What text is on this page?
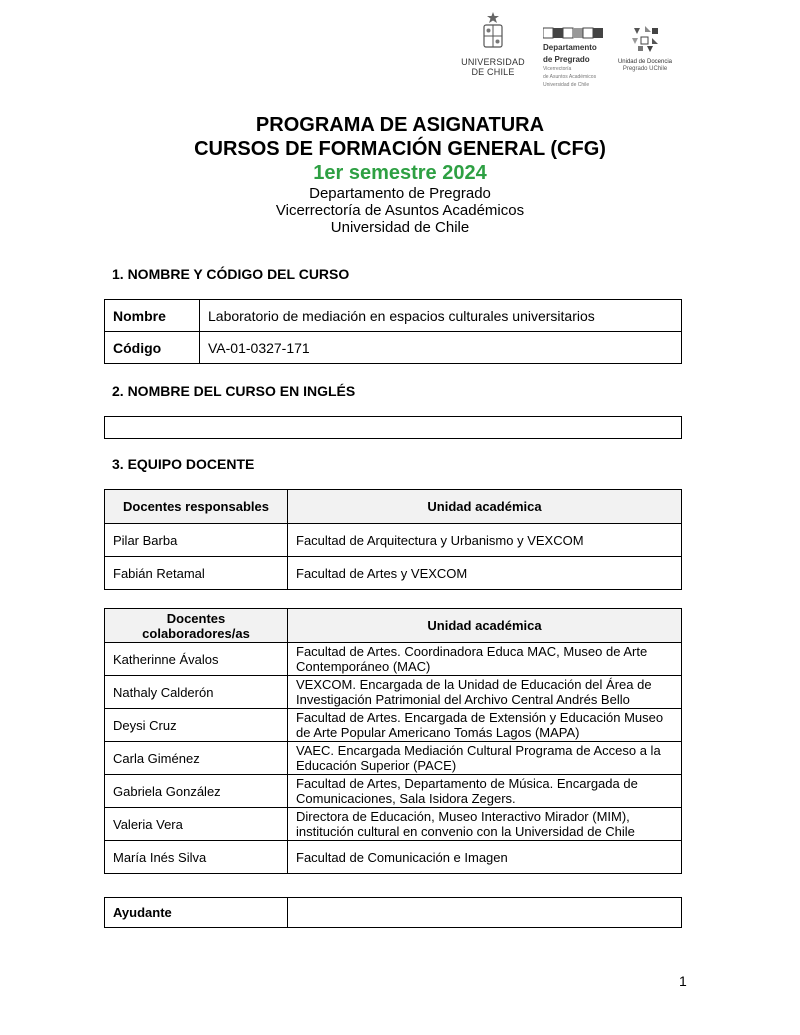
UNIVERSIDAD
DE CHILE
Departamento
de Pregrado
Vicerrectoría
de Asuntos Académicos
Universidad de Chile
Unidad de Docencia
Pregrado UChile
PROGRAMA DE ASIGNATURA
CURSOS DE FORMACIÓN GENERAL (CFG)
1er semestre 2024
Departamento de Pregrado
Vicerrectoría de Asuntos Académicos
Universidad de Chile
1. NOMBRE Y CÓDIGO DEL CURSO
Nombre	Laboratorio de mediación en espacios culturales universitarios
Código	VA-01-0327-171
2. NOMBRE DEL CURSO EN INGLÉS
3. EQUIPO DOCENTE
Docentes responsables	Unidad académica
Pilar Barba	Facultad de Arquitectura y Urbanismo y VEXCOM
Fabián Retamal	Facultad de Artes y VEXCOM
Docentes
colaboradores/as	Unidad académica
Katherinne Ávalos	Facultad de Artes. Coordinadora Educa MAC, Museo de Arte
Contemporáneo (MAC)

Nathaly Calderón	VEXCOM. Encargada de la Unidad de Educación del Área de
Investigación Patrimonial del Archivo Central Andrés Bello

Deysi Cruz	Facultad de Artes. Encargada de Extensión y Educación Museo
de Arte Popular Americano Tomás Lagos (MAPA)

Carla Giménez	VAEC. Encargada Mediación Cultural Programa de Acceso a la
Educación Superior (PACE)

Gabriela González	Facultad de Artes, Departamento de Música. Encargada de
Comunicaciones, Sala Isidora Zegers.

Valeria Vera	Directora de Educación, Museo Interactivo Mirador (MIM),
institución cultural en convenio con la Universidad de Chile

María Inés Silva	Facultad de Comunicación e Imagen
Ayudante	
1
